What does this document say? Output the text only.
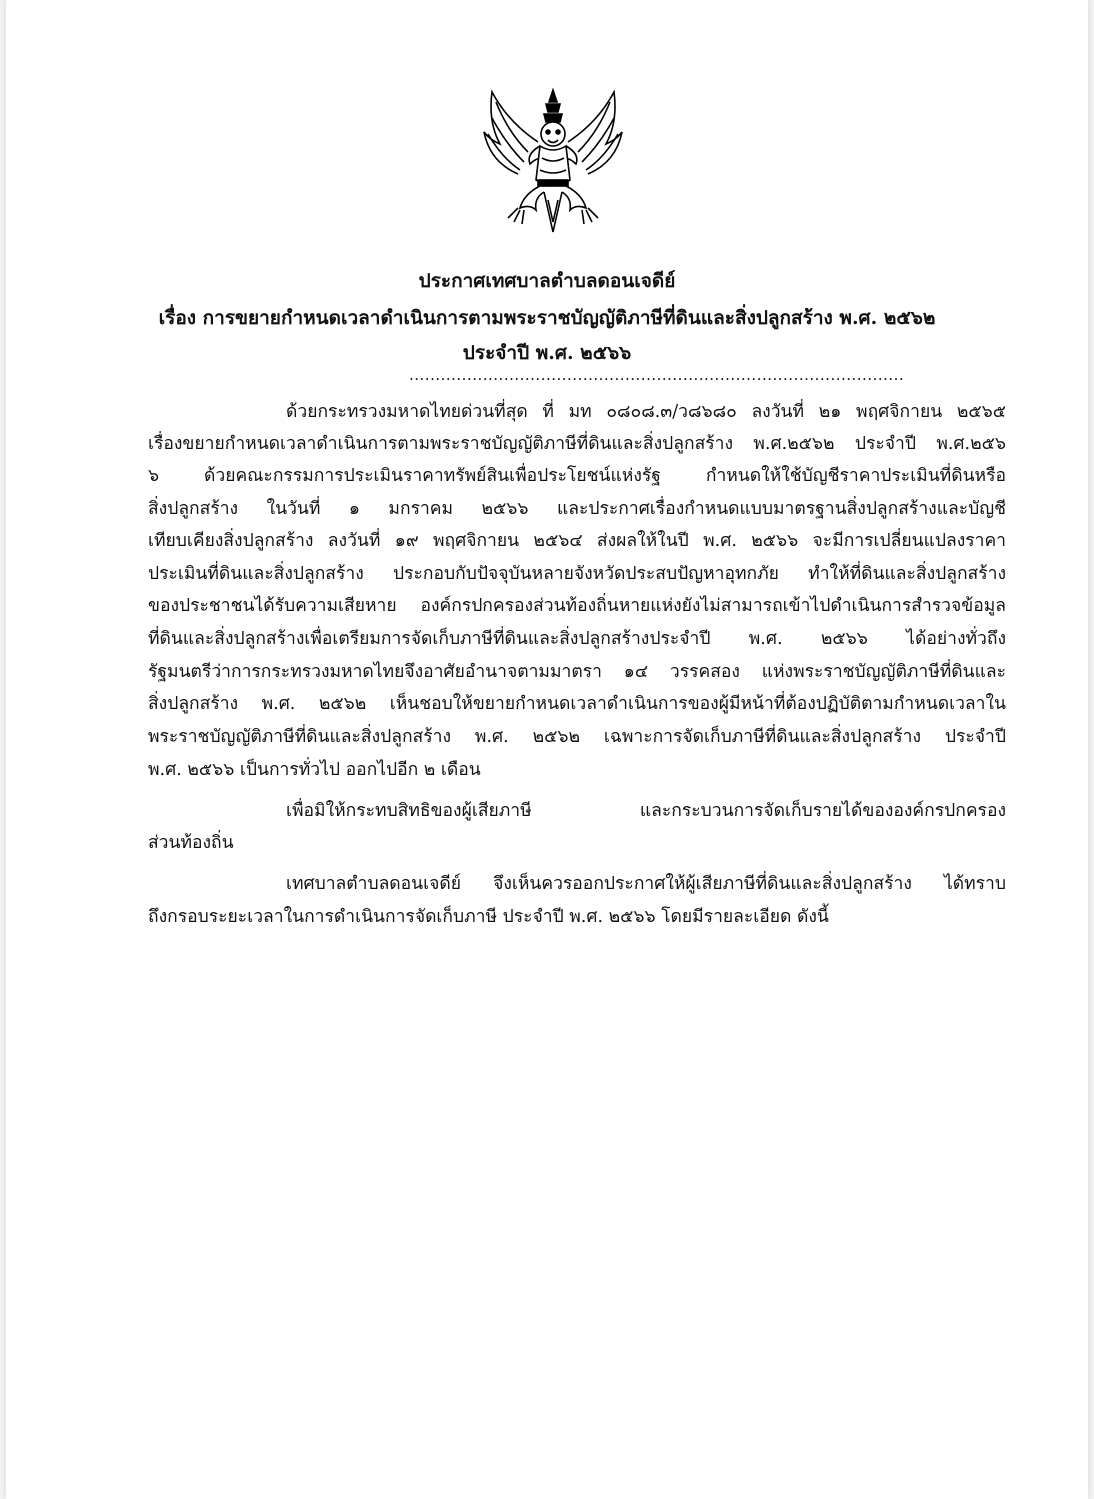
ประกาศเทศบาลตำบลดอนเจดีย์
เรื่อง การขยายกำหนดเวลาดำเนินการตามพระราชบัญญัติภาษีที่ดินและสิ่งปลูกสร้าง พ.ศ. ๒๕๖๒
ประจำปี พ.ศ. ๒๕๖๖
..............................................................................................
ด้วยกระทรวงมหาดไทยด่วนที่สุด ที่ มท ๐๘๐๘.๓/ว๘๖๘๐ ลงวันที่ ๒๑ พฤศจิกายน ๒๕๖๕
เรื่องขยายกำหนดเวลาดำเนินการตามพระราชบัญญัติภาษีที่ดินและสิ่งปลูกสร้าง พ.ศ.๒๕๖๒ ประจำปี พ.ศ.๒๕๖
๖ ด้วยคณะกรรมการประเมินราคาทรัพย์สินเพื่อประโยชน์แห่งรัฐ กำหนดให้ใช้บัญชีราคาประเมินที่ดินหรือ
สิ่งปลูกสร้าง ในวันที่ ๑ มกราคม ๒๕๖๖ และประกาศเรื่องกำหนดแบบมาตรฐานสิ่งปลูกสร้างและบัญชี
เทียบเคียงสิ่งปลูกสร้าง ลงวันที่ ๑๙ พฤศจิกายน ๒๕๖๔ ส่งผลให้ในปี พ.ศ. ๒๕๖๖ จะมีการเปลี่ยนแปลงราคา
ประเมินที่ดินและสิ่งปลูกสร้าง ประกอบกับปัจจุบันหลายจังหวัดประสบปัญหาอุทกภัย ทำให้ที่ดินและสิ่งปลูกสร้าง
ของประชาชนได้รับความเสียหาย องค์กรปกครองส่วนท้องถิ่นหายแห่งยังไม่สามารถเข้าไปดำเนินการสำรวจข้อมูล
ที่ดินและสิ่งปลูกสร้างเพื่อเตรียมการจัดเก็บภาษีที่ดินและสิ่งปลูกสร้างประจำปี พ.ศ. ๒๕๖๖ ได้อย่างทั่วถึง
รัฐมนตรีว่าการกระทรวงมหาดไทยจึงอาศัยอำนาจตามมาตรา ๑๔ วรรคสอง แห่งพระราชบัญญัติภาษีที่ดินและ
สิ่งปลูกสร้าง พ.ศ. ๒๕๖๒ เห็นชอบให้ขยายกำหนดเวลาดำเนินการของผู้มีหน้าที่ต้องปฏิบัติตามกำหนดเวลาใน
พระราชบัญญัติภาษีที่ดินและสิ่งปลูกสร้าง พ.ศ. ๒๕๖๒ เฉพาะการจัดเก็บภาษีที่ดินและสิ่งปลูกสร้าง ประจำปี
พ.ศ. ๒๕๖๖ เป็นการทั่วไป ออกไปอีก ๒ เดือน
เพื่อมิให้กระทบสิทธิของผู้เสียภาษี และกระบวนการจัดเก็บรายได้ขององค์กรปกครอง
ส่วนท้องถิ่น
เทศบาลตำบลดอนเจดีย์ จึงเห็นควรออกประกาศให้ผู้เสียภาษีที่ดินและสิ่งปลูกสร้าง ได้ทราบ
ถึงกรอบระยะเวลาในการดำเนินการจัดเก็บภาษี ประจำปี พ.ศ. ๒๕๖๖ โดยมีรายละเอียด ดังนี้
